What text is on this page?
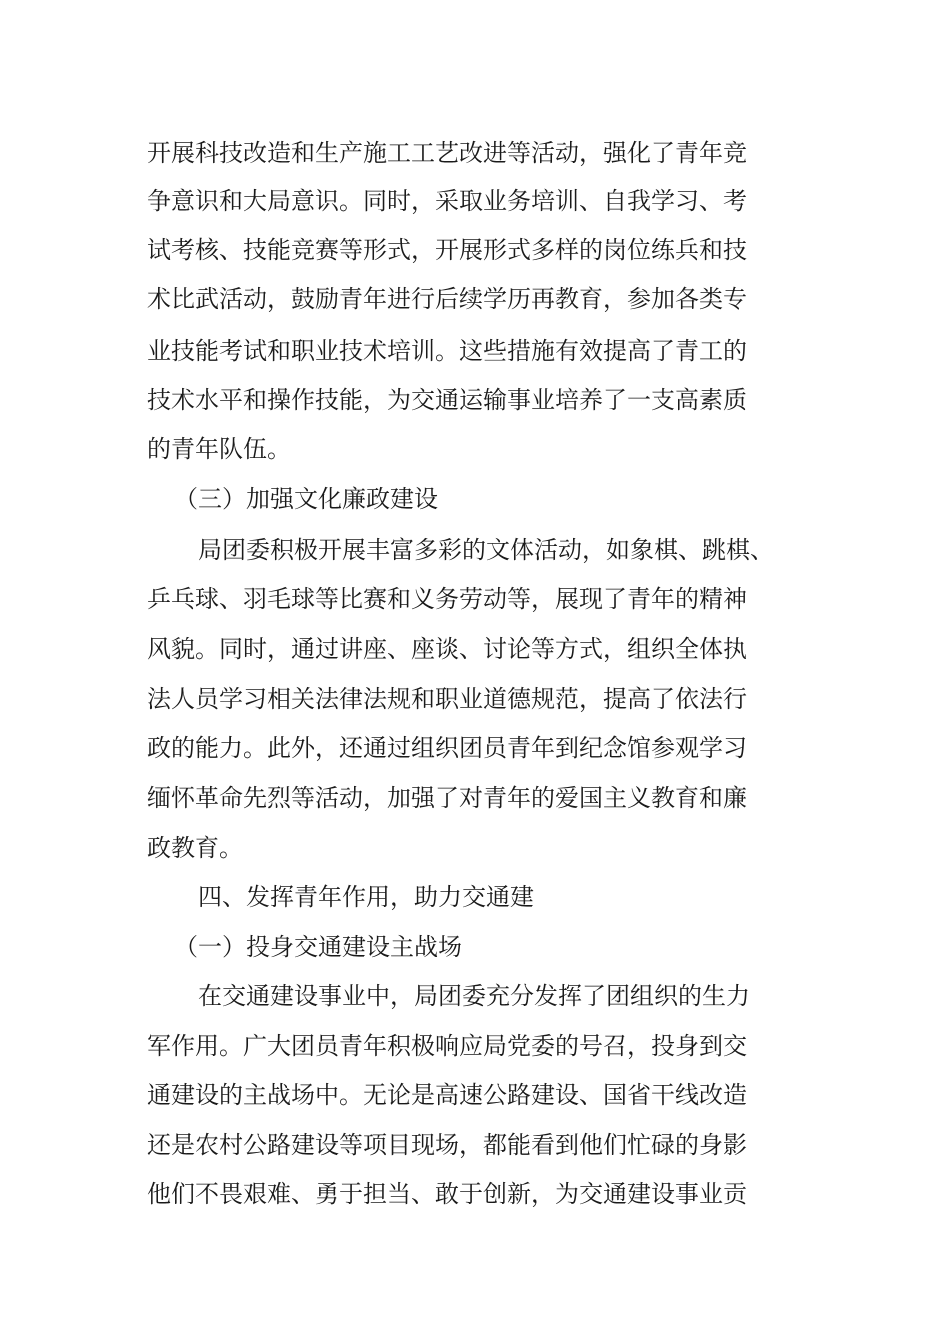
开展科技改造和生产施工工艺改进等活动，强化了青年竞
争意识和大局意识。同时，采取业务培训、自我学习、考
试考核、技能竞赛等形式，开展形式多样的岗位练兵和技
术比武活动，鼓励青年进行后续学历再教育，参加各类专
业技能考试和职业技术培训。这些措施有效提高了青工的
技术水平和操作技能，为交通运输事业培养了一支高素质
的青年队伍。
（三）加强文化廉政建设
局团委积极开展丰富多彩的文体活动，如象棋、跳棋、
乒乓球、羽毛球等比赛和义务劳动等，展现了青年的精神
风貌。同时，通过讲座、座谈、讨论等方式，组织全体执
法人员学习相关法律法规和职业道德规范，提高了依法行
政的能力。此外，还通过组织团员青年到纪念馆参观学习
缅怀革命先烈等活动，加强了对青年的爱国主义教育和廉
政教育。
四、发挥青年作用，助力交通建
（一）投身交通建设主战场
在交通建设事业中，局团委充分发挥了团组织的生力
军作用。广大团员青年积极响应局党委的号召，投身到交
通建设的主战场中。无论是高速公路建设、国省干线改造
还是农村公路建设等项目现场，都能看到他们忙碌的身影
他们不畏艰难、勇于担当、敢于创新，为交通建设事业贡
